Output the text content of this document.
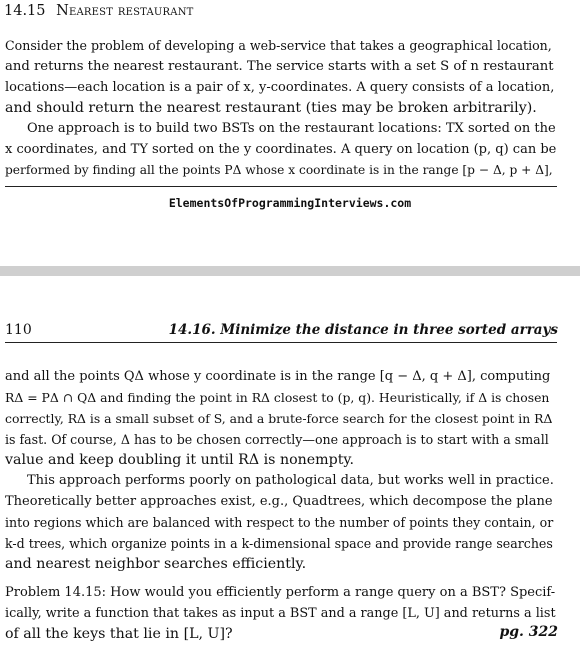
14.15 Nearest restaurant
Consider the problem of developing a web-service that takes a geographical location,
and returns the nearest restaurant. The service starts with a set S of n restaurant
locations—each location is a pair of x, y-coordinates. A query consists of a location,
and should return the nearest restaurant (ties may be broken arbitrarily).
One approach is to build two BSTs on the restaurant locations: TX sorted on the
x coordinates, and TY sorted on the y coordinates. A query on location (p, q) can be
performed by finding all the points PΔ whose x coordinate is in the range [p − Δ, p + Δ],
ElementsOfProgrammingInterviews.com
110	14.16. Minimize the distance in three sorted arrays
and all the points QΔ whose y coordinate is in the range [q − Δ, q + Δ], computing
RΔ = PΔ ∩ QΔ and finding the point in RΔ closest to (p, q). Heuristically, if Δ is chosen
correctly, RΔ is a small subset of S, and a brute-force search for the closest point in RΔ
is fast. Of course, Δ has to be chosen correctly—one approach is to start with a small
value and keep doubling it until RΔ is nonempty.
This approach performs poorly on pathological data, but works well in practice.
Theoretically better approaches exist, e.g., Quadtrees, which decompose the plane
into regions which are balanced with respect to the number of points they contain, or
k-d trees, which organize points in a k-dimensional space and provide range searches
and nearest neighbor searches efficiently.
Problem 14.15: How would you efficiently perform a range query on a BST? Specif-
ically, write a function that takes as input a BST and a range [L, U] and returns a list
of all the keys that lie in [L, U]?	pg. 322
